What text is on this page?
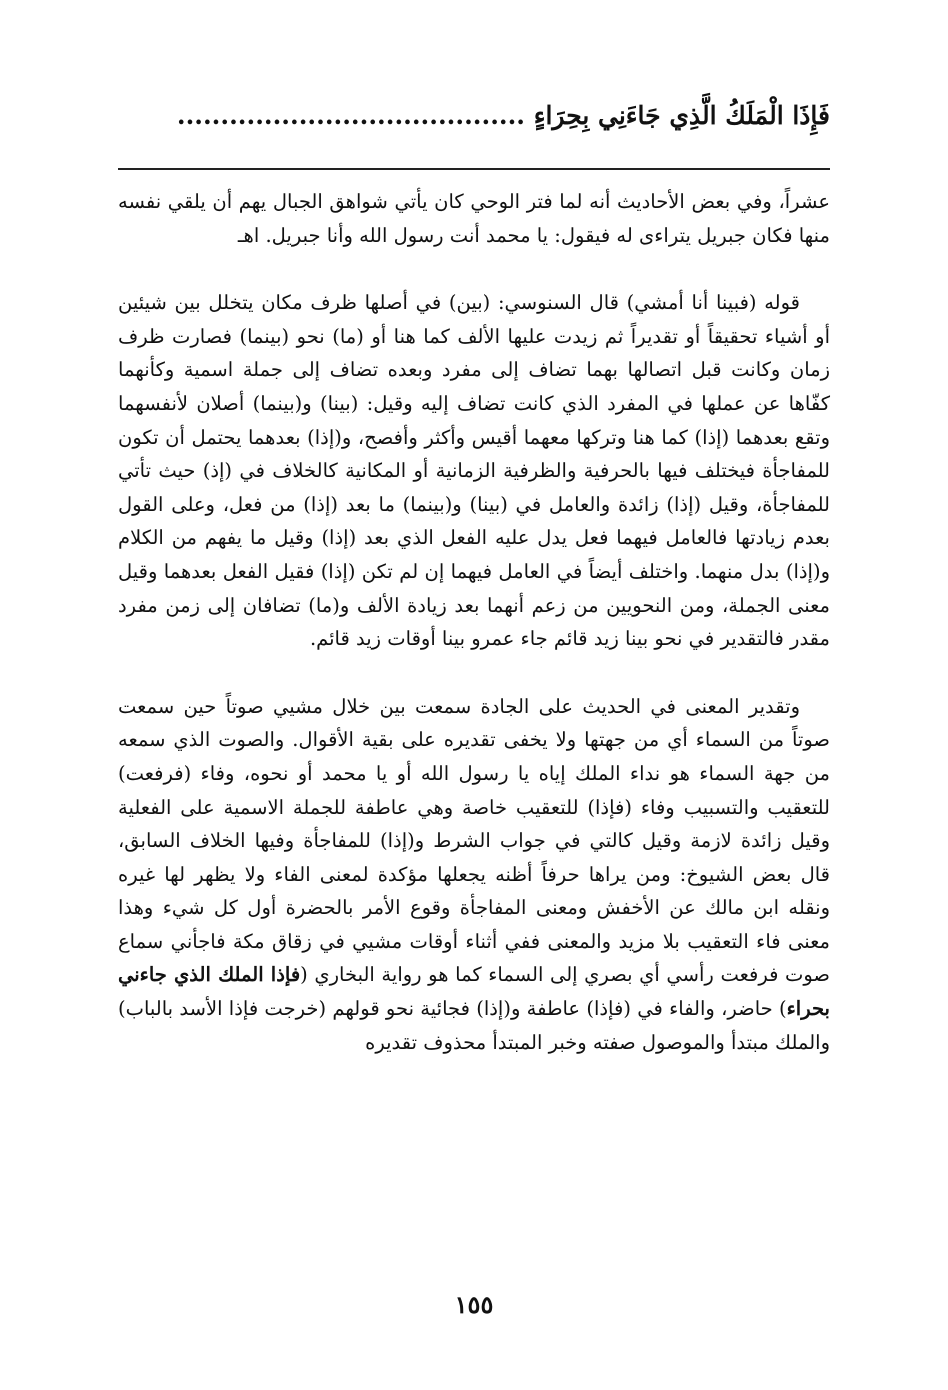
فَإِذَا الْمَلَكُ الَّذِي جَاءَنِي بِحِرَاءٍ ........................................

عشراً، وفي بعض الأحاديث أنه لما فتر الوحي كان يأتي شواهق الجبال يهم أن يلقي نفسه منها فكان جبريل يتراءى له فيقول: يا محمد أنت رسول الله وأنا جبريل. اهـ

قوله (فبينا أنا أمشي) قال السنوسي: (بين) في أصلها ظرف مكان يتخلل بين شيئين أو أشياء تحقيقاً أو تقديراً ثم زيدت عليها الألف كما هنا أو (ما) نحو (بينما) فصارت ظرف زمان وكانت قبل اتصالها بهما تضاف إلى مفرد وبعده تضاف إلى جملة اسمية وكأنهما كفّاها عن عملها في المفرد الذي كانت تضاف إليه وقيل: (بينا) و(بينما) أصلان لأنفسهما وتقع بعدهما (إذا) كما هنا وتركها معهما أقيس وأكثر وأفصح، و(إذا) بعدهما يحتمل أن تكون للمفاجأة فيختلف فيها بالحرفية والظرفية الزمانية أو المكانية كالخلاف في (إذ) حيث تأتي للمفاجأة، وقيل (إذا) زائدة والعامل في (بينا) و(بينما) ما بعد (إذا) من فعل، وعلى القول بعدم زيادتها فالعامل فيهما فعل يدل عليه الفعل الذي بعد (إذا) وقيل ما يفهم من الكلام و(إذا) بدل منهما. واختلف أيضاً في العامل فيهما إن لم تكن (إذا) فقيل الفعل بعدهما وقيل معنى الجملة، ومن النحويين من زعم أنهما بعد زيادة الألف و(ما) تضافان إلى زمن مفرد مقدر فالتقدير في نحو بينا زيد قائم جاء عمرو بينا أوقات زيد قائم.

وتقدير المعنى في الحديث على الجادة سمعت بين خلال مشيي صوتاً حين سمعت صوتاً من السماء أي من جهتها ولا يخفى تقديره على بقية الأقوال. والصوت الذي سمعه من جهة السماء هو نداء الملك إياه يا رسول الله أو يا محمد أو نحوه، وفاء (فرفعت) للتعقيب والتسبيب وفاء (فإذا) للتعقيب خاصة وهي عاطفة للجملة الاسمية على الفعلية وقيل زائدة لازمة وقيل كالتي في جواب الشرط و(إذا) للمفاجأة وفيها الخلاف السابق، قال بعض الشيوخ: ومن يراها حرفاً أظنه يجعلها مؤكدة لمعنى الفاء ولا يظهر لها غيره ونقله ابن مالك عن الأخفش ومعنى المفاجأة وقوع الأمر بالحضرة أول كل شيء وهذا معنى فاء التعقيب بلا مزيد والمعنى ففي أثناء أوقات مشيي في زقاق مكة فاجأني سماع صوت فرفعت رأسي أي بصري إلى السماء كما هو رواية البخاري (فإذا الملك الذي جاءني بحراء) حاضر، والفاء في (فإذا) عاطفة و(إذا) فجائية نحو قولهم (خرجت فإذا الأسد بالباب) والملك مبتدأ والموصول صفته وخبر المبتدأ محذوف تقديره

١٥٥
